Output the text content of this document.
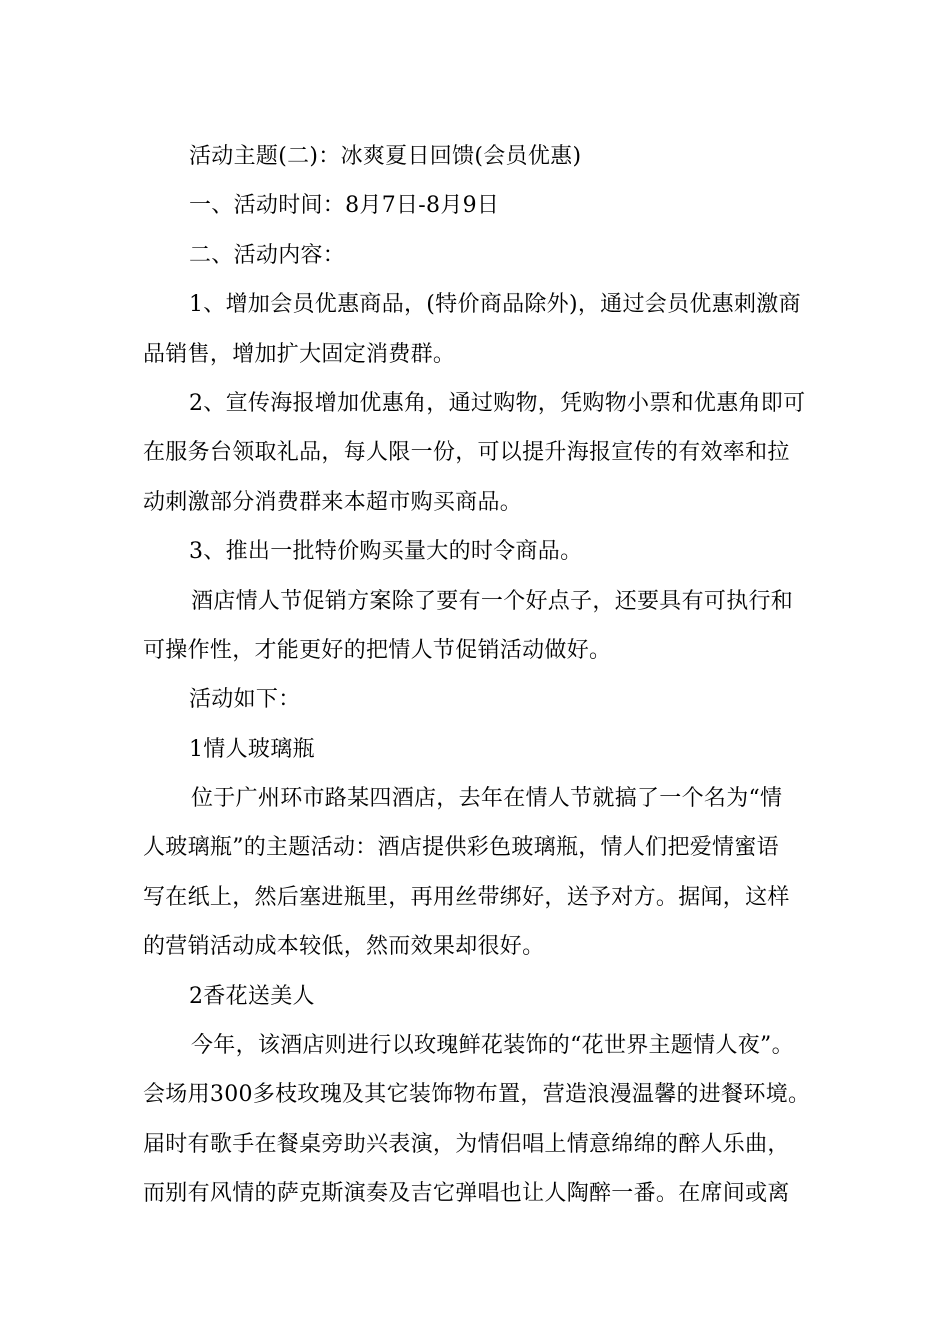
活动主题(二)：冰爽夏日回馈(会员优惠)
一、活动时间：8月7日-8月9日
二、活动内容：
1、增加会员优惠商品，(特价商品除外)，通过会员优惠刺激商
品销售，增加扩大固定消费群。
2、宣传海报增加优惠角，通过购物，凭购物小票和优惠角即可
在服务台领取礼品，每人限一份，可以提升海报宣传的有效率和拉
动刺激部分消费群来本超市购买商品。
3、推出一批特价购买量大的时令商品。
酒店情人节促销方案除了要有一个好点子，还要具有可执行和
可操作性，才能更好的把情人节促销活动做好。
活动如下：
1情人玻璃瓶
位于广州环市路某四酒店，去年在情人节就搞了一个名为“情
人玻璃瓶”的主题活动：酒店提供彩色玻璃瓶，情人们把爱情蜜语
写在纸上，然后塞进瓶里，再用丝带绑好，送予对方。据闻，这样
的营销活动成本较低，然而效果却很好。
2香花送美人
今年，该酒店则进行以玫瑰鲜花装饰的“花世界主题情人夜”。
会场用300多枝玫瑰及其它装饰物布置，营造浪漫温馨的进餐环境。
届时有歌手在餐桌旁助兴表演，为情侣唱上情意绵绵的醉人乐曲，
而别有风情的萨克斯演奏及吉它弹唱也让人陶醉一番。在席间或离
